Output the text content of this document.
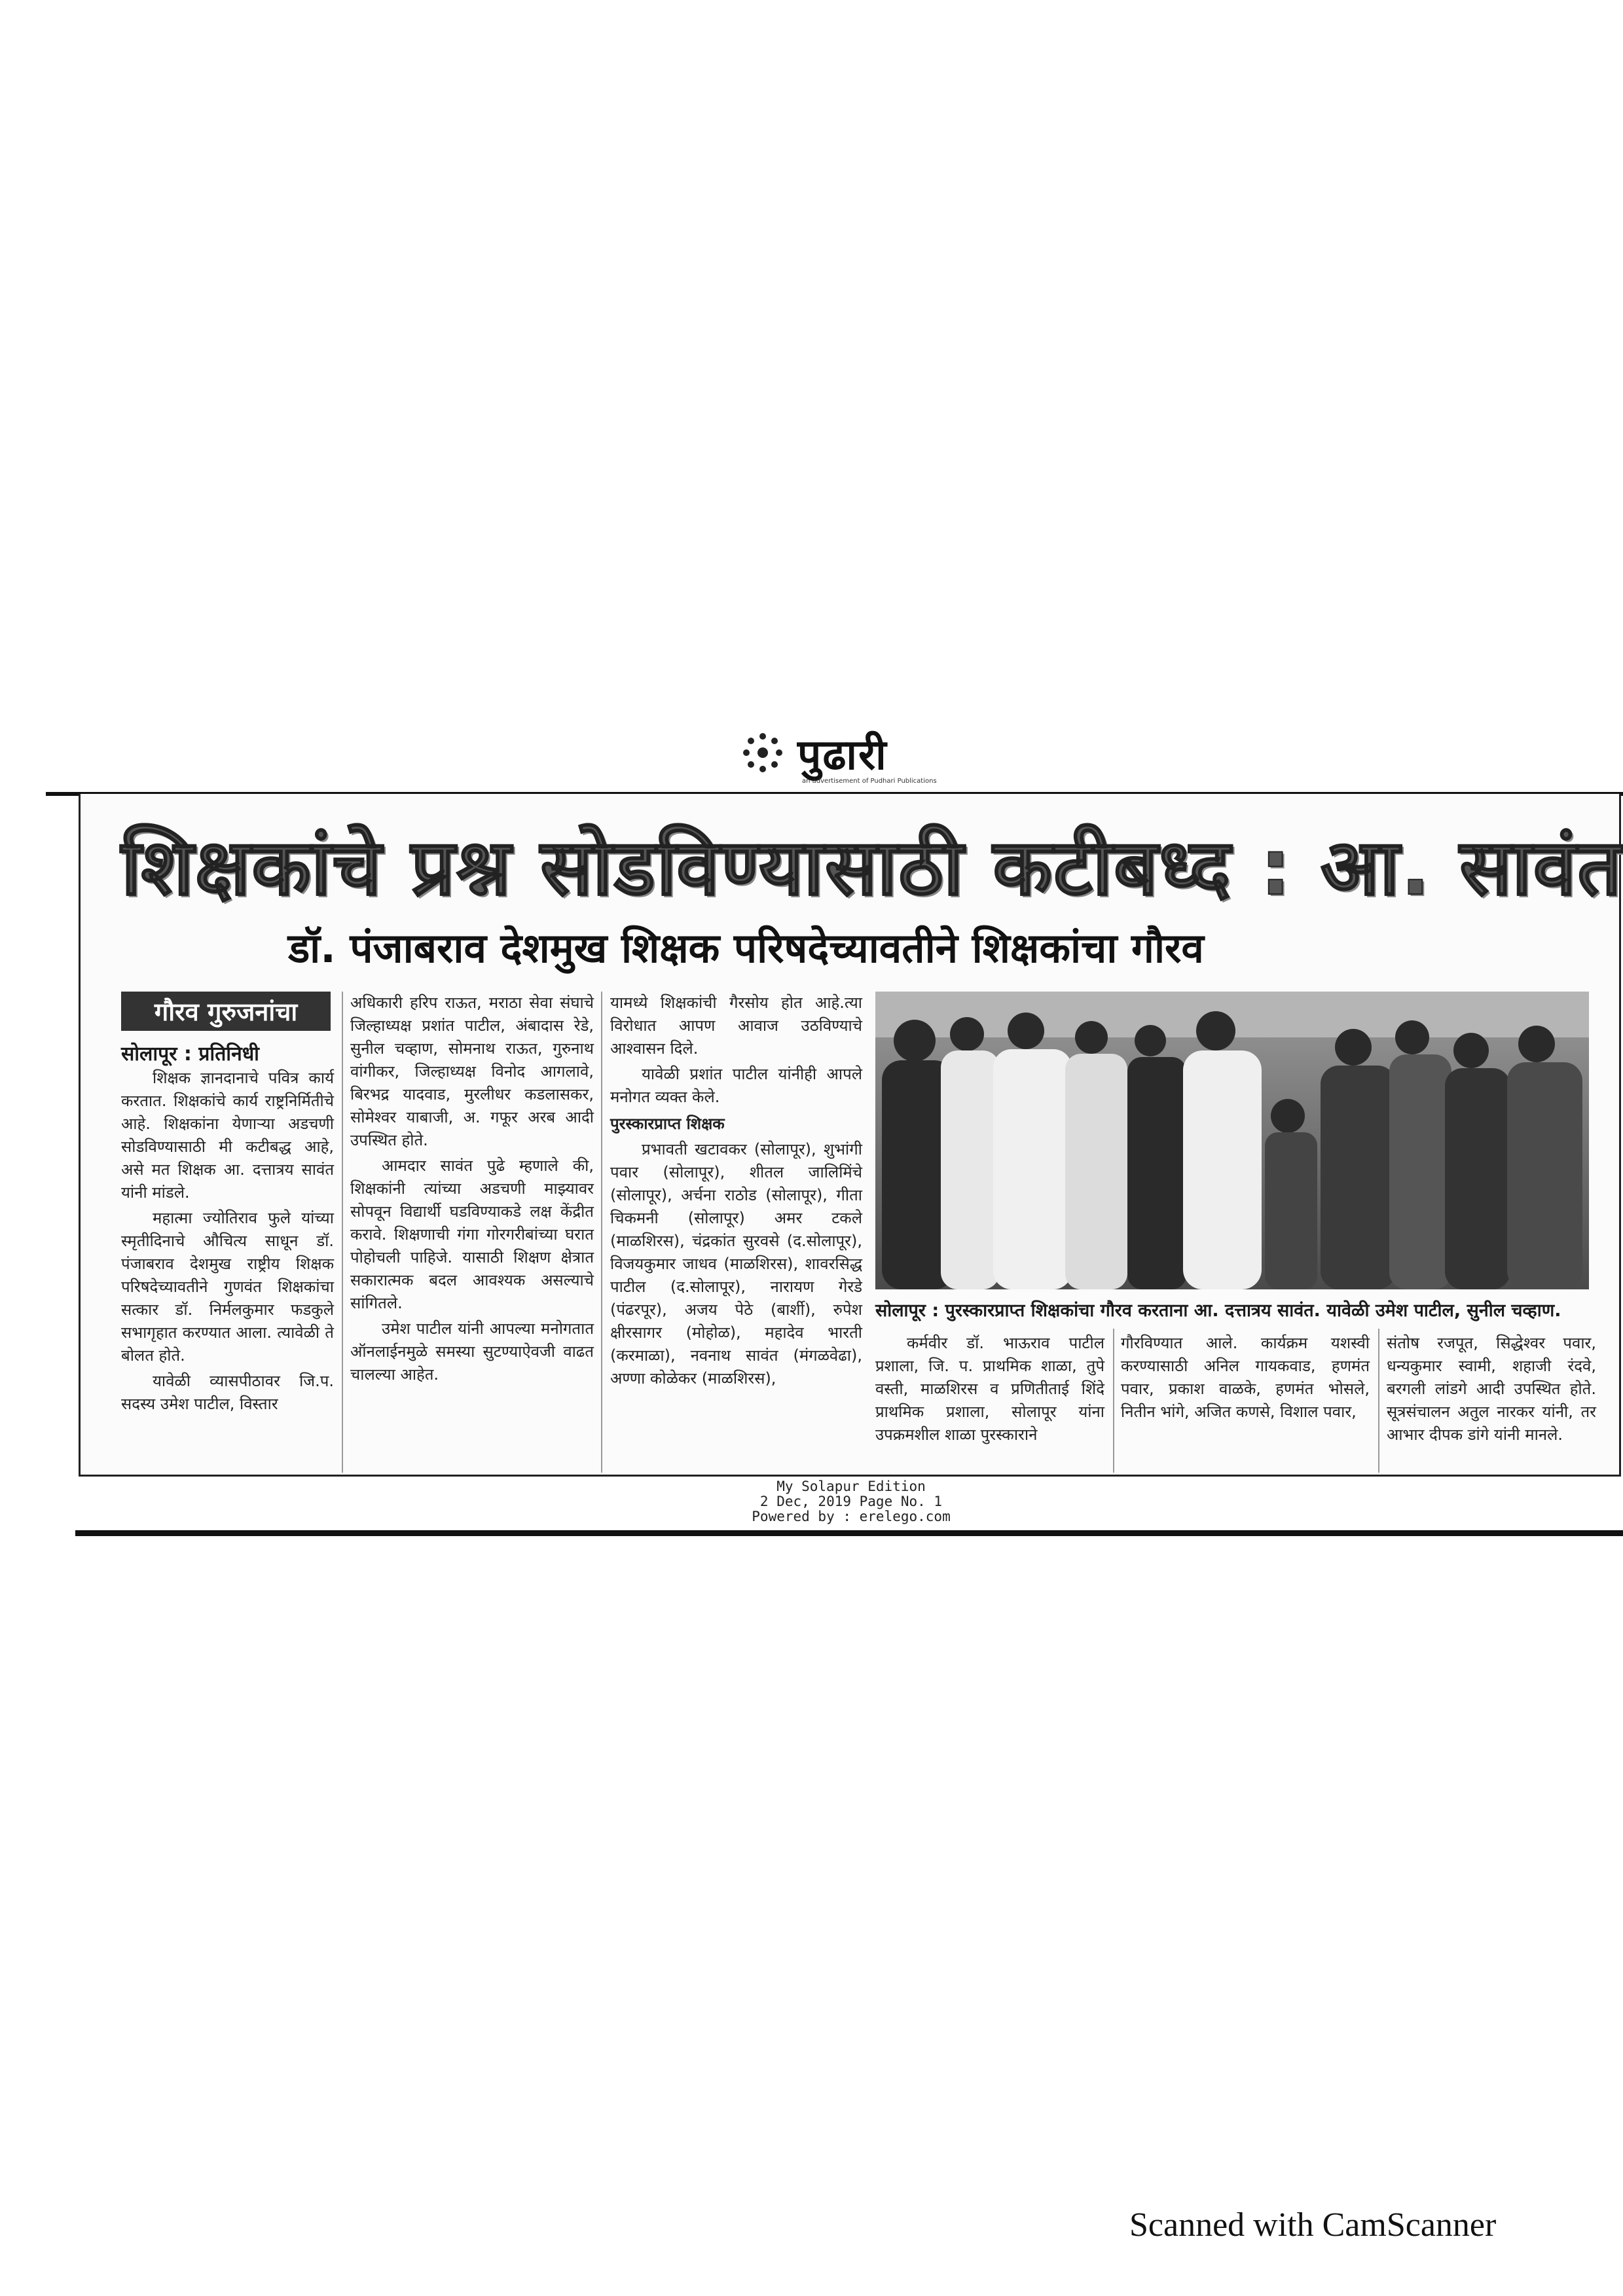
पुढारी
an advertisement of Pudhari Publications
शिक्षकांचे प्रश्न सोडविण्यासाठी कटीबध्द : आ. सावंत
डॉ. पंजाबराव देशमुख शिक्षक परिषदेच्यावतीने शिक्षकांचा गौरव
गौरव गुरुजनांचा
सोलापूर : प्रतिनिधी

शिक्षक ज्ञानदानाचे पवित्र कार्य करतात. शिक्षकांचे कार्य राष्ट्रनिर्मितीचे आहे. शिक्षकांना येणाऱ्या अडचणी सोडविण्यासाठी मी कटीबद्ध आहे, असे मत शिक्षक आ. दत्तात्रय सावंत यांनी मांडले.

महात्मा ज्योतिराव फुले यांच्या स्मृतीदिनाचे औचित्य साधून डॉ. पंजाबराव देशमुख राष्ट्रीय शिक्षक परिषदेच्यावतीने गुणवंत शिक्षकांचा सत्कार डॉ. निर्मलकुमार फडकुले सभागृहात करण्यात आला. त्यावेळी ते बोलत होते.

यावेळी व्यासपीठावर जि.प. सदस्य उमेश पाटील, विस्तार

अधिकारी हरिप राऊत, मराठा सेवा संघाचे जिल्हाध्यक्ष प्रशांत पाटील, अंबादास रेडे, सुनील चव्हाण, सोमनाथ राऊत, गुरुनाथ वांगीकर, जिल्हाध्यक्ष विनोद आगलावे, बिरभद्र यादवाड, मुरलीधर कडलासकर, सोमेश्वर याबाजी, अ. गफूर अरब आदी उपस्थित होते.

आमदार सावंत पुढे म्हणाले की, शिक्षकांनी त्यांच्या अडचणी माझ्यावर सोपवून विद्यार्थी घडविण्याकडे लक्ष केंद्रीत करावे. शिक्षणाची गंगा गोरगरीबांच्या घरात पोहोचली पाहिजे. यासाठी शिक्षण क्षेत्रात सकारात्मक बदल आवश्यक असल्याचे सांगितले.

उमेश पाटील यांनी आपल्या मनोगतात ऑनलाईनमुळे समस्या सुटण्याऐवजी वाढत चालल्या आहेत.

यामध्ये शिक्षकांची गैरसोय होत आहे.त्या विरोधात आपण आवाज उठविण्याचे आश्वासन दिले.

यावेळी प्रशांत पाटील यांनीही आपले मनोगत व्यक्त केले.

पुरस्कारप्राप्त शिक्षक

प्रभावती खटावकर (सोलापूर), शुभांगी पवार (सोलापूर), शीतल जालिमिंचे (सोलापूर), अर्चना राठोड (सोलापूर), गीता चिकमनी (सोलापूर) अमर टकले (माळशिरस), चंद्रकांत सुरवसे (द.सोलापूर), विजयकुमार जाधव (माळशिरस), शावरसिद्ध पाटील (द.सोलापूर), नारायण गेरडे (पंढरपूर), अजय पेठे (बार्शी), रुपेश क्षीरसागर (मोहोळ), महादेव भारती (करमाळा), नवनाथ सावंत (मंगळवेढा), अण्णा कोळेकर (माळशिरस),

सोलापूर : पुरस्कारप्राप्त शिक्षकांचा गौरव करताना आ. दत्तात्रय सावंत. यावेळी उमेश पाटील, सुनील चव्हाण.

कर्मवीर डॉ. भाऊराव पाटील प्रशाला, जि. प. प्राथमिक शाळा, तुपे वस्ती, माळशिरस व प्रणितीताई शिंदे प्राथमिक प्रशाला, सोलापूर यांना उपक्रमशील शाळा पुरस्काराने

गौरविण्यात आले. कार्यक्रम यशस्वी करण्यासाठी अनिल गायकवाड, हणमंत पवार, प्रकाश वाळके, हणमंत भोसले, नितीन भांगे, अजित कणसे, विशाल पवार,

संतोष रजपूत, सिद्धेश्वर पवार, धन्यकुमार स्वामी, शहाजी रंदवे, बरगली लांडगे आदी उपस्थित होते. सूत्रसंचालन अतुल नारकर यांनी, तर आभार दीपक डांगे यांनी मानले.

My Solapur Edition
2 Dec, 2019 Page No. 1
Powered by : erelego.com
Scanned with CamScanner
